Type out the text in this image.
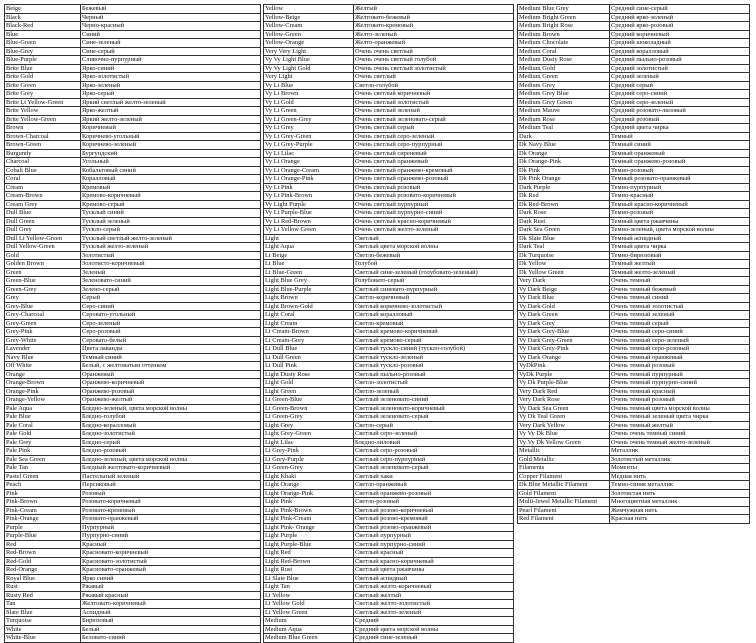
Beige	Бежевый
Black	Черный
Black-Red	Черно-красный
Blue	Синий
Blue-Green	Сине-зеленый
Blue-Grey	Сине-серый
Blue-Purple	Сливочно-пурпурный
Brite Blue	Ярко-синий
Brite Gold	Ярко-золотистый
Brite Green	Ярко-зеленый
Brite Grey	Ярко-серый
Brite Lt Yellow-Green	Яркий светлый желто-зеленый
Brite Yellow	Ярко-желтый
Brite Yellow-Green	Яркий желто-зеленый
Brown	Коричневый
Brown-Charcoal	Коричнево-угольный
Brown-Green	Коричнево-зеленый
Burgundy	Бургундский
Charcoal	Угольный
Cobalt Blue	Кобальтовый синий
Coral	Коралловый
Cream	Кремовый
Cream-Brown	Кремово-коричневый
Cream Grey	Кремово-серый
Dull Blue	Тусклый синий
Dull Green	Тусклый зеленый
Dull Grey	Тускло-серый
Dull Lt Yellow-Green	Тусклый светлый желто-зеленый
Dull Yellow-Green	Тусклый желто-зеленый
Gold	Золотистый
Golden Brown	Золотисто-коричневый
Green	Зеленый
Green-Blue	Зеленовато-синий
Green-Grey	Зелено-серый
Grey	Серый
Grey-Blue	Серо-синий
Grey-Charcoal	Серовато-угольный
Grey-Green	Серо-зеленый
Grey-Pink	Серо-розовый
Grey-White	Серовато-белый
Lavender	Цвета лаванды
Navy Blue	Темный синий
Off White	Белый, с желтоватым оттенком
Orange	Оранжевый
Orange-Brown	Оранжево-коричневый
Orange-Pink	Оранжево-розовый
Orange-Yellow	Оранжево-желтый
Pale Aqua	Бледно-зеленый, цвета морской волны
Pale Blue	Бледно-голубой
Pale Coral	Бледно-коралловый
Pale Gold	Бледно-золотистый
Pale Grey	Бледно-серый
Pale Pink	Бледно-розовый
Pale Sea Green	Бледно-зеленый, цвета морской волны
Pale Tan	Бледный желтовато-коричневый
Pastel Green	Пастельный зеленый
Peach	Персиковый
Pink	Розовый
Pink-Brown	Розовато-коричневый
Pink-Cream	Розовато-кремовый
Pink-Orange	Розовато-оранжевый
Purple	Пурпурный
Purple-Blue	Пурпурно-синий
Red	Красный
Red-Brown	Красновато-коричневый
Red-Gold	Красновато-золотистый
Red-Orange	Красновато-оранжевый
Royal Blue	Ярко синий
Rust	Ржавый
Rusty Red	Ржавый красный
Tan	Желтовато-коричневый
Slate Blue	Аспидный
Turquoise	Бирюзовый
White	Белый
White-Blue	Беловато-синий
Yellow	Желтый
Yellow-Beige	Желтовато-бежевый
Yellow-Cream	Желтовато-кремовый
Yellow-Green	Желто-зеленый
Yellow-Orange	Желто-оранжевый
Very Very Light	Очень очень светлый
Vy Vy Light Blue	Очень очень светлый голубой
Vy Vy Light Gold	Очень очень светлый золотистый
Very Light	Очень светлый
Vy Lt Blue	Светло-голубой
Vy Lt Brown	Очень светлый коричневый
Vy Lt Gold	Очень светлый золотистый
Vy Lt Green	Очень светлый зеленый
Vy Lt Green-Grey	Очень светлый зеленовато-серый
Vy Lt Grey	Очень светлый серый
Vy Lt Grey-Green	Очень светлый серо-зеленый
Vy Lt Grey-Purple	Очень светлый серо-пурпурный
Vy Lt Lilac	Очень светлый сиреневый
Vy Lt Orange	Очень светлый оранжевый
Vy Lt Orange-Cream	Очень светлый оранжево-кремовый
Vy Lt Orange-Pink	Очень светлый оранжево-розовый
Vy Lt Pink	Очень светлый розовый
Vy Lt Pink-Brown	Очень светлый розовато-коричневый
Vy Light Purple	Очень светлый пурпурный
Vy Lt Purple-Blue	Очень светлый пурпурно-синий
Vy Lt Red-Brown	Очень светлый красно-коричневый
Vy Lt Yellow Green	Очень светлый желто-зеленый
Light	Светлый
Light Aqua	Светлый цвета морской волны
Lt Beige	Светло-бежевый
Lt Blue	Голубой
Lt Blue-Green	Светлый сине-зеленый (голубовато-зеленый)
Light Blue Grey	Голубовато-серый
Light Blue-Purple	Светлый синевато-пурпурный
Light Brown	Светло-коричневый
Light Brown-Gold	Светлый коричнево-золотистый
Light Coral	Светлый коралловый
Light Cream	Светло-кремовый
Lt Cream-Brown	Светлый кремово-коричневый
Lt Cream-Grey	Светлый кремово-серый
Lt Dull Blue	Светлый тускло-синий (тускло-голубой)
Lt Dull Green	Светлый тускло-зеленый
Lt Dull Pink	Светлый тускло-розовый
Light Dusty Rose	Светлый пыльно-розовый
Light Gold	Светло-золотистый
Light Green	Светло-зеленый
Lt Green-Blue	Светлый зеленовато-синий
Lt Green-Brown	Светлый зеленовато-коричневый
Lt Green-Grey	Светлый зеленовато-серый
Light Grey	Светло-серый
Light Grey-Green	Светлый серо-зеленый
Light Lilac	Бледно-лиловый
Lt Grey-Pink	Светлый серо-розовый
Lt Grey-Purple	Светлый серо-пурпурный
Lt Green-Grey	Светлый зеленовато-серый
Light Khaki	Светлый хаки
Light Orange	Светло-оранжевый
Light Orange-Pink	Светлый оранжево-розовый
Light Pink	Светло-розовый
Light Pink-Brown	Светлый розово-коричневый
Light Pink-Cream	Светлый розово-кремовый
Light Pink- Orange	Светлый розово-оранжевый
Light Purple	Светлый пурпурный
Light Purple-Blue	Светлый пурпурно-синий
Light Red	Светлый красный
Light Red-Brown	Светлый красно-коричневый
Light Rust	Светлый цвета ржавчины
Lt Slate Blue	Светлый аспидный
Light Tan	Светлый желто-коричневый
Lt Yellow	Светлый желтый
Lt Yellow Gold	Светлый желто-золотистый
Lt Yellow Green	Светлый желто-зеленый
Medium	Средний
Medium Aqua	Средний цвета морской волны
Medium Blue Green	Средний сине-зеленый
Medium Blue Grey	Средний сине-серый
Medium Bright Green	Средний ярко-зеленый
Medium Bright Rose	Средний ярко-розовый
Medium Brown	Средний коричневый
Medium Chocolate	Средний шоколадный
Medium Coral	Средний коралловый
Medium Dusty Rose	Средний пыльно-розовый
Medium Gold	Средний золотистый
Medium Green	Средний зеленый
Medium Grey	Средний серый
Medium Grey Blue	Средний серо-синий
Medium Grey Green	Средний серо-зеленый
Medium Mauve	Средний розовато-лиловый
Medium Rose	Средний розовый
Medium Teal	Средний цвета чирка
Dark	Темный
Dk Navy Blue	Темный синий
Dk Orange	Темный оранжевый
Dk Orange-Pink	Темный оранжево-розовый
Dk Pink	Темно-розовый
Dk Pink Orange	Темный розовато-оранжевый
Dark Purple	Темно-пурпурный
Dk Red	Темно-красный
Dk Red-Brown	Темный красно-коричневый
Dark Rose	Темно-розовый
Dark Rust	Темный цвета ржавчины
Dark Sea Green	Темно-зеленый, цвета морской волны
Dk Slate Blue	Темный аспидный
Dark Teal	Темный цвета чирка
Dk Turquoise	Темно-бирюзовый
Dk Yellow	Темный желтый
Dk Yellow Green	Темный желто-зеленый
Very Dark	Очень темный
Vy Dark Beige	Очень темный бежевый
Vy Dark Blue	Очень темный синий
Vy Dark Gold	Очень темный золотистый
Vy Dark Green	Очень темный зеленый
Vy Dark Grey	Очень темный серый
Vy Dark Grey-Blue	Очень темный серо-синий
Vy Dark Grey-Green	Очень темный серо-зеленый
Vy Dark Grey-Pink	Очень темный серо-розовый
Vy Dark Orange	Очень темный оранжевый
VyDkPink	Очень темный розовый
VyDk Purple	Очень темный пурпурный
Vy Dk Purple-Blue	Очень темный пурпурно-синий
Very Dark Red	Очень темный красный
Very Dark Rose	Очень темный розовый
Vy Dark Sea Green	Очень темный цвета морской волны
Vy Dk Teal Green	Очень темный зеленый цвета чирка
Very Dark Yellow	Очень темный желтый
Vy Vy Dk Blue	Очень очень темный синий
Vy Vy Dk Yellow Green	Очень очень темный желто-зеленый
Metallic	Металлик
Gold Metallic	Золотистый металлик
Filaments	Моменты
Copper Filament	Медная нить
Dk Blue Metallic Filament	Темно-синяя металлик
Gold Filament	Золотистая нить
Multi-Jewel Metallic Filament	Многоцветная металлик
Pearl Filament	Жемчужная нить
Red Filament	Красная нить
